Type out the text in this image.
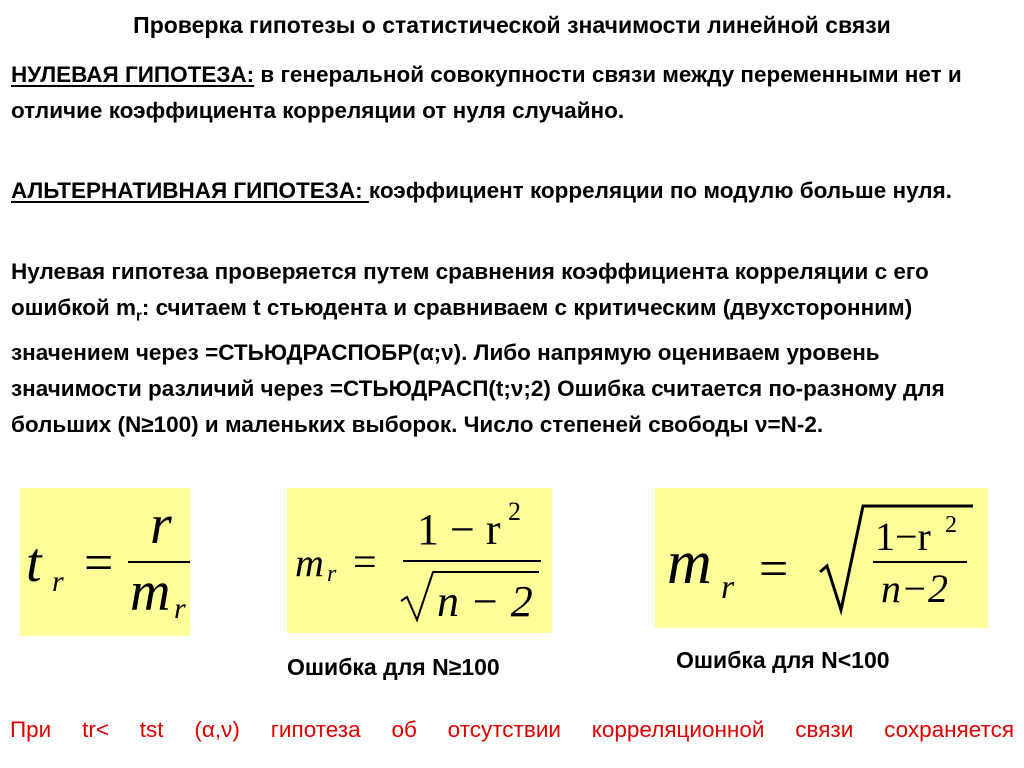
Проверка гипотезы о статистической значимости линейной связи
НУЛЕВАЯ ГИПОТЕЗА: в генеральной совокупности связи между переменными нет и отличие коэффициента корреляции от нуля случайно.
АЛЬТЕРНАТИВНАЯ ГИПОТЕЗА: коэффициент корреляции по модулю больше нуля.
Нулевая гипотеза проверяется путем сравнения коэффициента корреляции с его ошибкой $m_r$: считаем t стьюдента и сравниваем с критическим (двухсторонним) значением через =СТЬЮДРАСПОБР(α;ν). Либо напрямую оцениваем уровень значимости различий через =СТЬЮДРАСП(t;ν;2) Ошибка считается по-разному для больших (N≥100) и маленьких выборок. Число степеней свободы ν=N-2.
t r =
r
m r
m r =
1 − r 2
n − 2
m r =
1−r 2
n−2
Ошибка для N≥100	Ошибка для N<100
При tr< tst (α,ν) гипотеза об отсутствии корреляционной связи сохраняется
